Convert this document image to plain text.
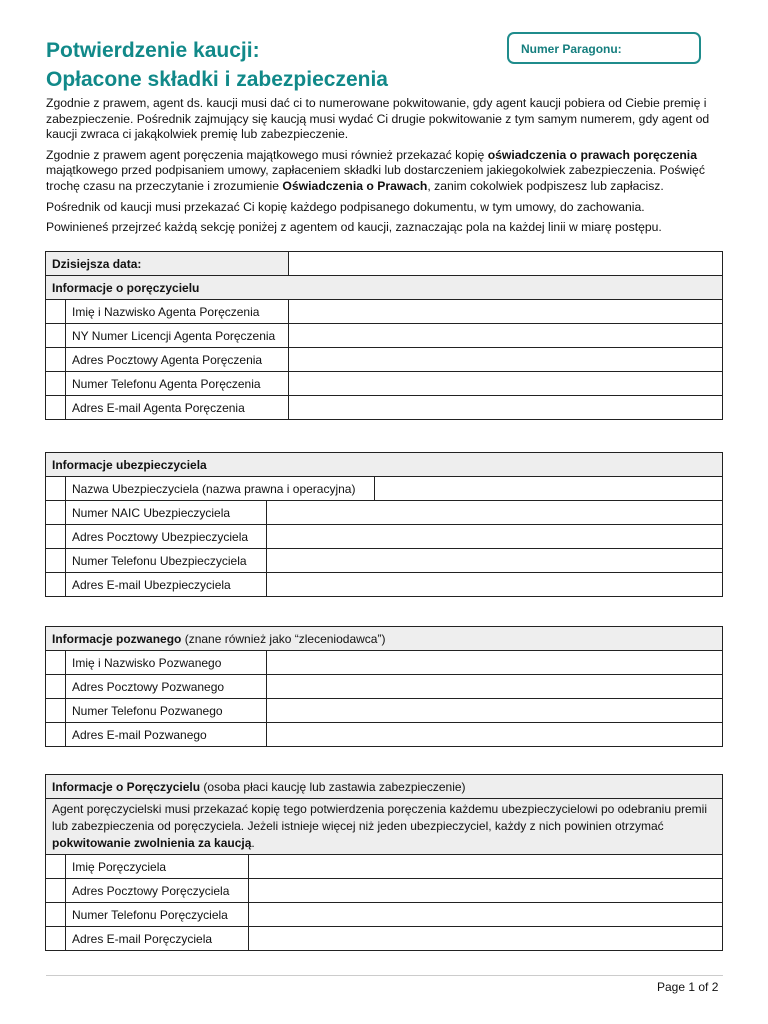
Potwierdzenie kaucji:
Opłacone składki i zabezpieczenia
Numer Paragonu:

Zgodnie z prawem, agent ds. kaucji musi dać ci to numerowane pokwitowanie, gdy agent kaucji pobiera od Ciebie premię i zabezpieczenie. Pośrednik zajmujący się kaucją musi wydać Ci drugie pokwitowanie z tym samym numerem, gdy agent od kaucji zwraca ci jakąkolwiek premię lub zabezpieczenie.

Zgodnie z prawem agent poręczenia majątkowego musi również przekazać kopię oświadczenia o prawach poręczenia majątkowego przed podpisaniem umowy, zapłaceniem składki lub dostarczeniem jakiegokolwiek zabezpieczenia. Poświęć trochę czasu na przeczytanie i zrozumienie Oświadczenia o Prawach, zanim cokolwiek podpiszesz lub zapłacisz.

Pośrednik od kaucji musi przekazać Ci kopię każdego podpisanego dokumentu, w tym umowy, do zachowania.

Powinieneś przejrzeć każdą sekcję poniżej z agentem od kaucji, zaznaczając pola na każdej linii w miarę postępu.

Dzisiejsza data:		
Informacje o poręczycielu		
	Imię i Nazwisko Agenta Poręczenia	
	NY Numer Licencji Agenta Poręczenia	
	Adres Pocztowy Agenta Poręczenia	
	Numer Telefonu Agenta Poręczenia	
	Adres E-mail Agenta Poręczenia	
Informacje ubezpieczyciela			
	Nazwa Ubezpieczyciela (nazwa prawna i operacyjna)		
	Numer NAIC Ubezpieczyciela		
	Adres Pocztowy Ubezpieczyciela		
	Numer Telefonu Ubezpieczyciela		
	Adres E-mail Ubezpieczyciela		
Informacje pozwanego (znane również jako “zleceniodawca”)		
	Imię i Nazwisko Pozwanego	
	Adres Pocztowy Pozwanego	
	Numer Telefonu Pozwanego	
	Adres E-mail Pozwanego	
Informacje o Poręczycielu (osoba płaci kaucję lub zastawia zabezpieczenie)		
Agent poręczycielski musi przekazać kopię tego potwierdzenia poręczenia każdemu ubezpieczycielowi po odebraniu premii lub zabezpieczenia od poręczyciela. Jeżeli istnieje więcej niż jeden ubezpieczyciel, każdy z nich powinien otrzymać pokwitowanie zwolnienia za kaucją.		
	Imię Poręczyciela	
	Adres Pocztowy Poręczyciela	
	Numer Telefonu Poręczyciela	
	Adres E-mail Poręczyciela	
Page 1 of 2
